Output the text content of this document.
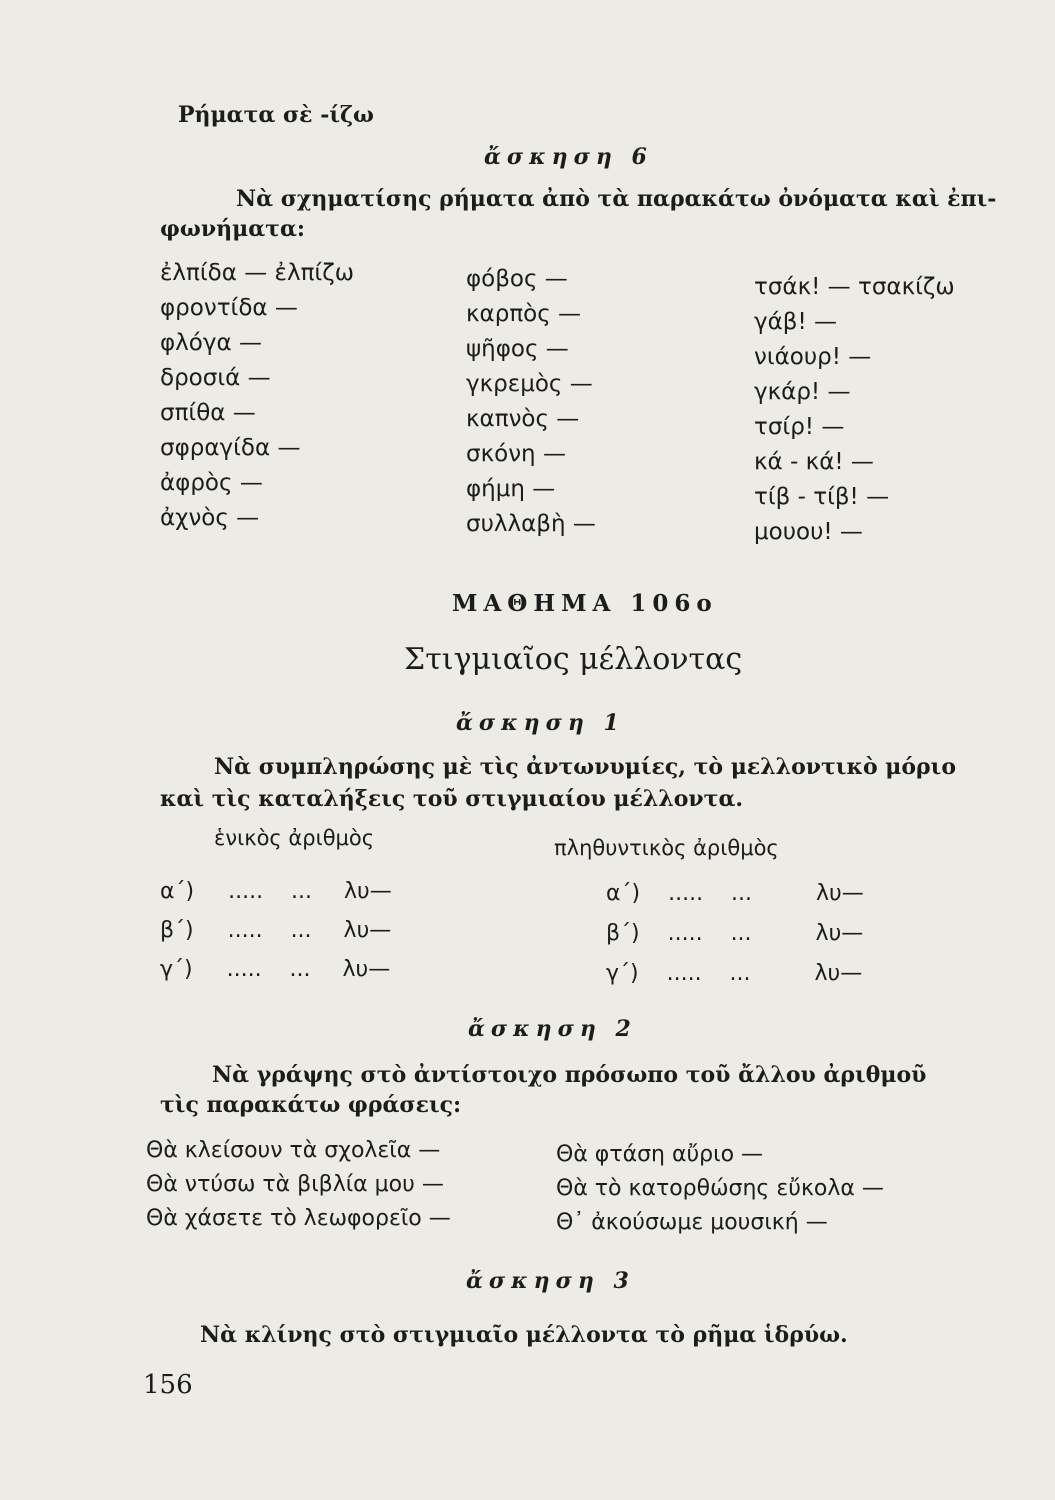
Ρήματα σὲ -ίζω
ἄσκηση 6
Νὰ σχηματίσης ρήματα ἀπὸ τὰ παρακάτω ὀνόματα καὶ ἐπι-
φωνήματα:
ἐλπίδα — ἐλπίζω
φροντίδα —
φλόγα —
δροσιά —
σπίθα —
σφραγίδα —
ἀφρὸς —
ἀχνὸς —
φόβος —
καρπὸς —
ψῆφος —
γκρεμὸς —
καπνὸς —
σκόνη —
φήμη —
συλλαβὴ —
τσάκ! — τσακίζω
γάβ! —
νιάουρ! —
γκάρ! —
τσίρ! —
κά - κά! —
τίβ - τίβ! —
μουου! —
ΜΑΘΗΜΑ 106ο
Στιγμιαῖος μέλλοντας
ἄσκηση 1
Νὰ συμπληρώσης μὲ τὶς ἀντωνυμίες, τὸ μελλοντικὸ μόριο
καὶ τὶς καταλήξεις τοῦ στιγμιαίου μέλλοντα.
ἑνικὸς ἀριθμὸς	πληθυντικὸς ἀριθμὸς
α΄) .....    ... λυ—
β΄) .....    ... λυ—
γ΄) .....    ... λυ—
α΄) .....    ...	λυ—
β΄) .....    ...	λυ—
γ΄) .....    ...	λυ—
ἄσκηση 2
Νὰ γράψης στὸ ἀντίστοιχο πρόσωπο τοῦ ἄλλου ἀριθμοῦ
τὶς παρακάτω φράσεις:
Θὰ κλείσουν τὰ σχολεῖα —
Θὰ ντύσω τὰ βιβλία μου —
Θὰ χάσετε τὸ λεωφορεῖο —
Θὰ φτάση αὔριο —
Θὰ τὸ κατορθώσης εὔκολα —
Θ᾽ ἀκούσωμε μουσική —
ἄσκηση 3
Νὰ κλίνης στὸ στιγμιαῖο μέλλοντα τὸ ρῆμα ἱδρύω.
156
